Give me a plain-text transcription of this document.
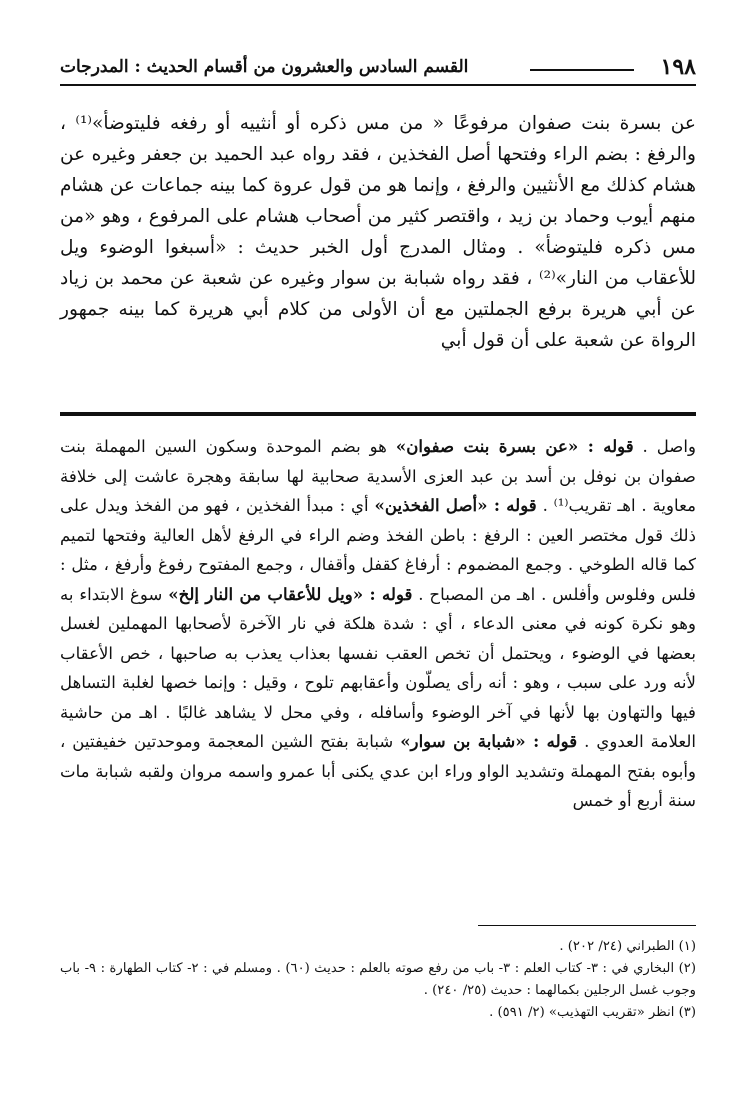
١٩٨
القسم السادس والعشرون من أقسام الحديث : المدرجات

عن بسرة بنت صفوان مرفوعًا « من مس ذكره أو أنثييه أو رفغه فليتوضأ»⁽¹⁾ ، والرفغ : بضم الراء وفتحها أصل الفخذين ، فقد رواه عبد الحميد بن جعفر وغيره عن هشام كذلك مع الأنثيين والرفغ ، وإنما هو من قول عروة كما بينه جماعات عن هشام منهم أيوب وحماد بن زيد ، واقتصر كثير من أصحاب هشام على المرفوع ، وهو «من مس ذكره فليتوضأ» . ومثال المدرج أول الخبر حديث : «أسبغوا الوضوء ويل للأعقاب من النار»⁽²⁾ ، فقد رواه شبابة بن سوار وغيره عن شعبة عن محمد بن زياد عن أبي هريرة برفع الجملتين مع أن الأولى من كلام أبي هريرة كما بينه جمهور الرواة عن شعبة على أن قول أبي

واصل . قوله : «عن بسرة بنت صفوان» هو بضم الموحدة وسكون السين المهملة بنت صفوان بن نوفل بن أسد بن عبد العزى الأسدية صحابية لها سابقة وهجرة عاشت إلى خلافة معاوية . اهـ تقريب⁽¹⁾ . قوله : «أصل الفخذين» أي : مبدأ الفخذين ، فهو من الفخذ ويدل على ذلك قول مختصر العين : الرفغ : باطن الفخذ وضم الراء في الرفغ لأهل العالية وفتحها لتميم كما قاله الطوخي . وجمع المضموم : أرفاغ كقفل وأقفال ، وجمع المفتوح رفوغ وأرفغ ، مثل : فلس وفلوس وأفلس . اهـ من المصباح . قوله : «ويل للأعقاب من النار إلخ» سوغ الابتداء به وهو نكرة كونه في معنى الدعاء ، أي : شدة هلكة في نار الآخرة لأصحابها المهملين لغسل بعضها في الوضوء ، ويحتمل أن تخص العقب نفسها بعذاب يعذب به صاحبها ، خص الأعقاب لأنه ورد على سبب ، وهو : أنه رأى يصلّون وأعقابهم تلوح ، وقيل : وإنما خصها لغلبة التساهل فيها والتهاون بها لأنها في آخر الوضوء وأسافله ، وفي محل لا يشاهد غالبًا . اهـ من حاشية العلامة العدوي . قوله : «شبابة بن سوار» شبابة بفتح الشين المعجمة وموحدتين خفيفتين ، وأبوه بفتح المهملة وتشديد الواو وراء ابن عدي يكنى أبا عمرو واسمه مروان ولقبه شبابة مات سنة أربع أو خمس

(١) الطبراني (٢٤/ ٢٠٢) .

(٢) البخاري في : ٣- كتاب العلم : ٣- باب من رفع صوته بالعلم : حديث (٦٠) . ومسلم في : ٢- كتاب الطهارة : ٩- باب وجوب غسل الرجلين بكمالهما : حديث (٢٥/ ٢٤٠) .

(٣) انظر «تقريب التهذيب» (٢/ ٥٩١) .
